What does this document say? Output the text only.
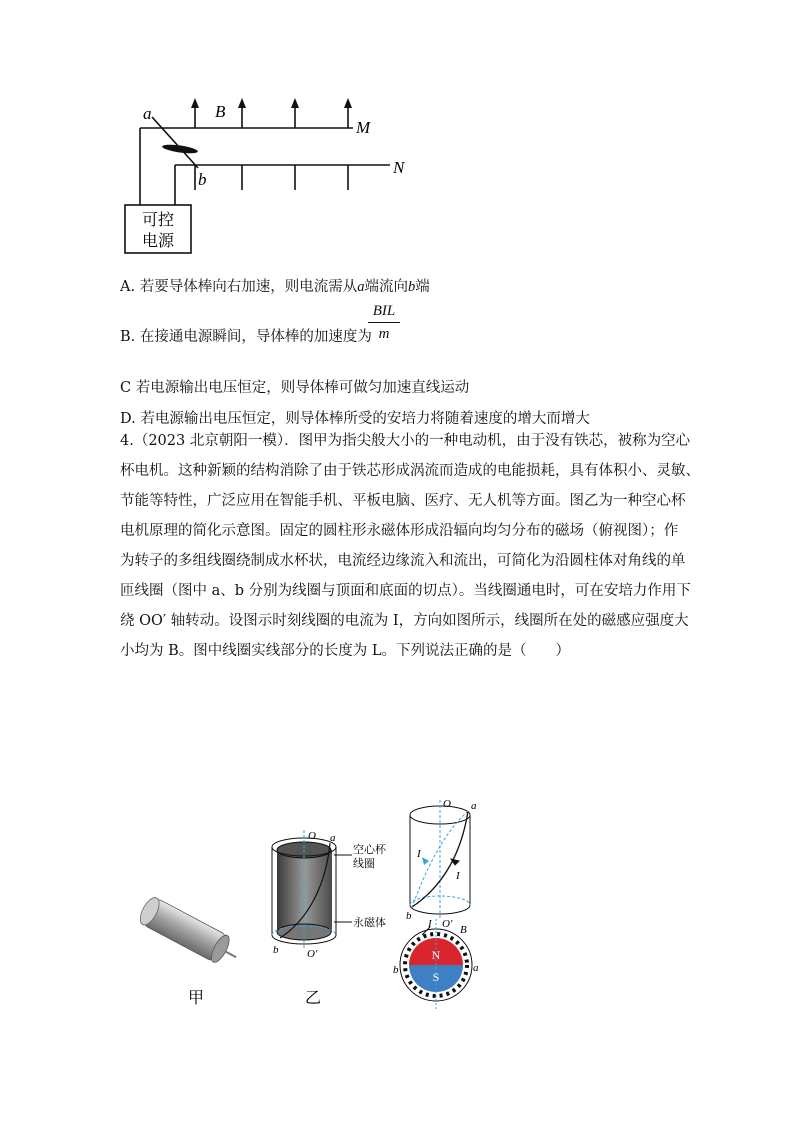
a
b
B
M
N
可控
电源
A. 若要导体棒向右加速，则电流需从a端流向b端
B. 在接通电源瞬间，导体棒的加速度为
BIL
m
C 若电源输出电压恒定，则导体棒可做匀加速直线运动
D. 若电源输出电压恒定，则导体棒所受的安培力将随着速度的增大而增大
4.（2023 北京朝阳一模）．图甲为指尖般大小的一种电动机，由于没有铁芯，被称为空心
杯电机。这种新颖的结构消除了由于铁芯形成涡流而造成的电能损耗，具有体积小、灵敏、
节能等特性，广泛应用在智能手机、平板电脑、医疗、无人机等方面。图乙为一种空心杯
电机原理的简化示意图。固定的圆柱形永磁体形成沿辐向均匀分布的磁场（俯视图）；作
为转子的多组线圈绕制成水杯状，电流经边缘流入和流出，可简化为沿圆柱体对角线的单
匝线圈（图中 a、b 分别为线圈与顶面和底面的切点）。当线圈通电时，可在安培力作用下
绕 OO′ 轴转动。设图示时刻线圈的电流为 I，方向如图所示，线圈所在处的磁感应强度大
小均为 B。图中线圈实线部分的长度为 L。下列说法正确的是（　　）
甲
O a
b	O′
空心杯
线圈
永磁体
乙
O a
b
O′
I
I
N
S
B
b	a
I
